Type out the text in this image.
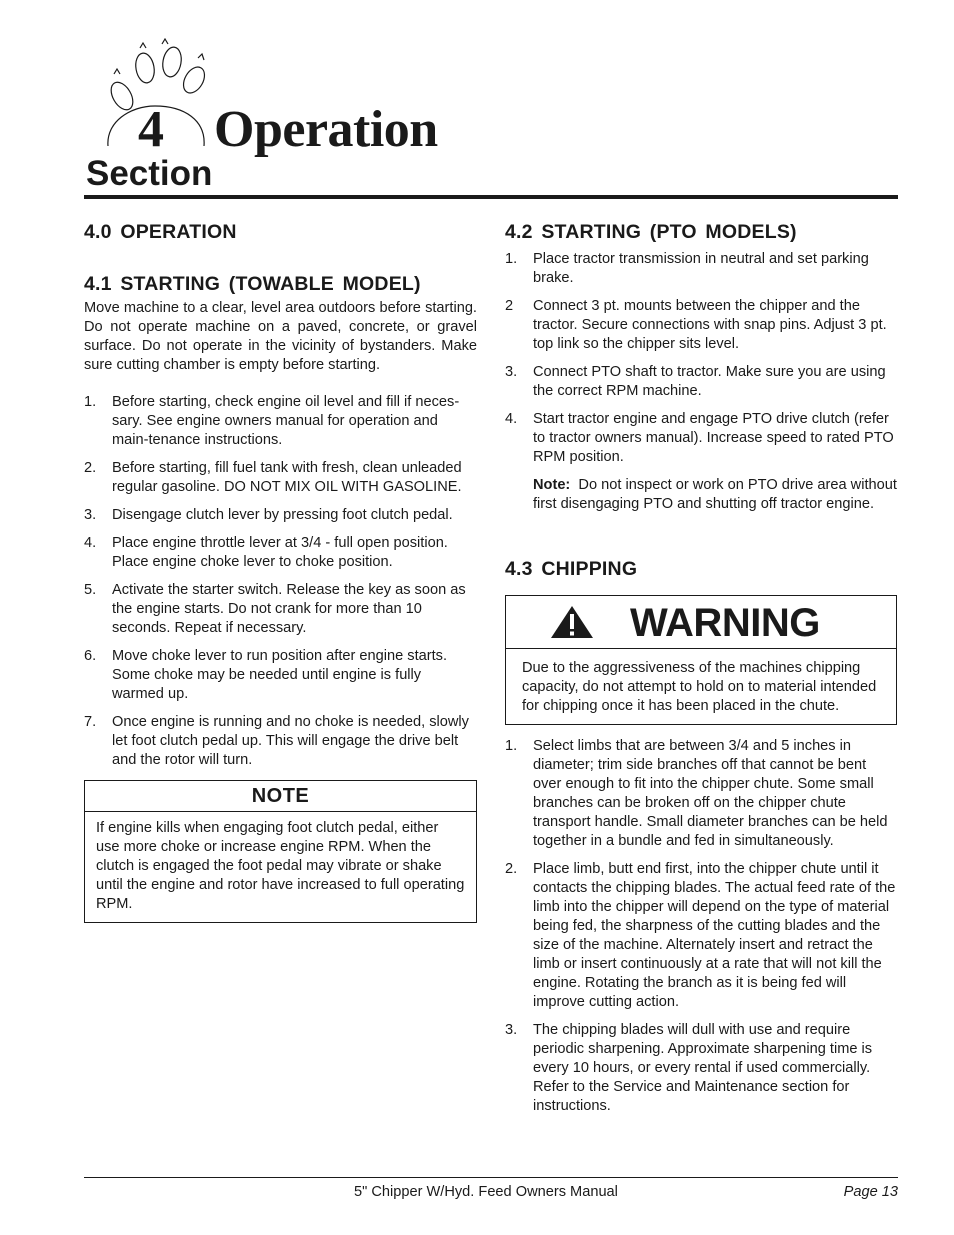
4 Operation
Section
4.0 OPERATION
4.1 STARTING (TOWABLE MODEL)

Move machine to a clear, level area outdoors before starting. Do not operate machine on a paved, concrete, or gravel surface. Do not operate in the vicinity of bystanders. Make sure cutting chamber is empty before starting.

1. Before starting, check engine oil level and fill if neces-sary. See engine owners manual for operation and main-tenance instructions.
2. Before starting, fill fuel tank with fresh, clean unleaded regular gasoline. DO NOT MIX OIL WITH GASOLINE.
3. Disengage clutch lever by pressing foot clutch pedal.
4. Place engine throttle lever at 3/4 - full open position. Place engine choke lever to choke position.
5. Activate the starter switch. Release the key as soon as the engine starts. Do not crank for more than 10 seconds. Repeat if necessary.
6. Move choke lever to run position after engine starts. Some choke may be needed until engine is fully warmed up.
7. Once engine is running and no choke is needed, slowly let foot clutch pedal up. This will engage the drive belt and the rotor will turn.
NOTE
If engine kills when engaging foot clutch pedal, either use more choke or increase engine RPM. When the clutch is engaged the foot pedal may vibrate or shake until the engine and rotor have increased to full operating RPM.
4.2 STARTING (PTO MODELS)
1. Place tractor transmission in neutral and set parking brake.
2 Connect 3 pt. mounts between the chipper and the tractor. Secure connections with snap pins. Adjust 3 pt. top link so the chipper sits level.
3. Connect PTO shaft to tractor. Make sure you are using the correct RPM machine.
4. Start tractor engine and engage PTO drive clutch (refer to tractor owners manual). Increase speed to rated PTO RPM position.

Note: Do not inspect or work on PTO drive area without first disengaging PTO and shutting off tractor engine.

4.3 CHIPPING
WARNING
Due to the aggressiveness of the machines chipping capacity, do not attempt to hold on to material intended for chipping once it has been placed in the chute.
1. Select limbs that are between 3/4 and 5 inches in diameter; trim side branches off that cannot be bent over enough to fit into the chipper chute. Some small branches can be broken off on the chipper chute transport handle. Small diameter branches can be held together in a bundle and fed in simultaneously.
2. Place limb, butt end first, into the chipper chute until it contacts the chipping blades. The actual feed rate of the limb into the chipper will depend on the type of material being fed, the sharpness of the cutting blades and the size of the machine. Alternately insert and retract the limb or insert continuously at a rate that will not kill the engine. Rotating the branch as it is being fed will improve cutting action.
3. The chipping blades will dull with use and require periodic sharpening. Approximate sharpening time is every 10 hours, or every rental if used commercially. Refer to the Service and Maintenance section for instructions.
5" Chipper W/Hyd. Feed Owners Manual	Page 13
